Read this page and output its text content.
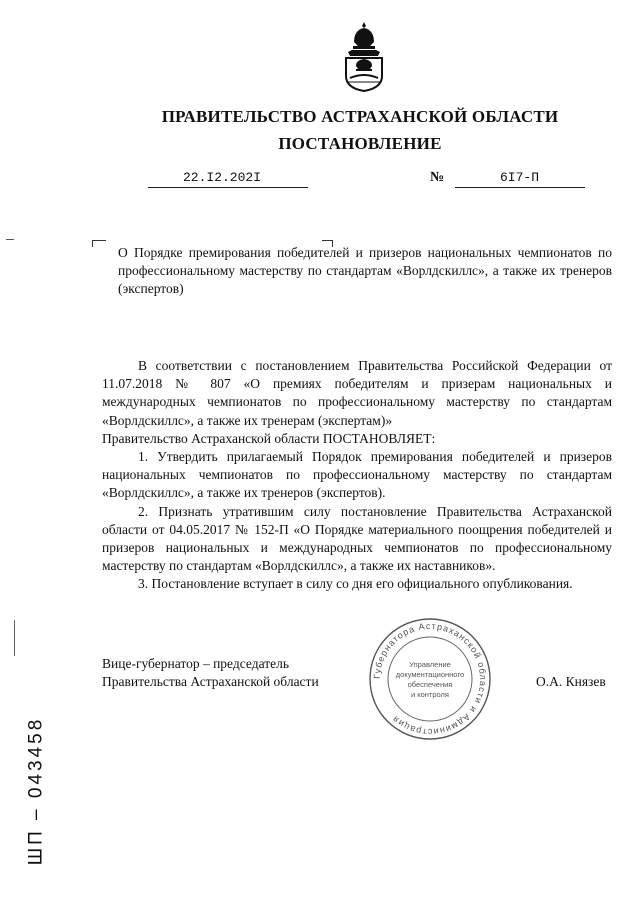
ПРАВИТЕЛЬСТВО АСТРАХАНСКОЙ ОБЛАСТИ
ПОСТАНОВЛЕНИЕ
22.I2.202I	№	6I7-П
О Порядке премирования победителей и призеров национальных чемпионатов по профессиональному мастерству по стандартам «Ворлдскиллс», а также их тренеров (экспертов)

В соответствии с постановлением Правительства Российской Федерации от 11.07.2018 № 807 «О премиях победителям и призерам национальных и международных чемпионатов по профессиональному мастерству по стандартам «Ворлдскиллс», а также их тренерам (экспертам)»

Правительство Астраханской области ПОСТАНОВЛЯЕТ:

1. Утвердить прилагаемый Порядок премирования победителей и призеров национальных чемпионатов по профессиональному мастерству по стандартам «Ворлдскиллс», а также их тренеров (экспертов).

2. Признать утратившим силу постановление Правительства Астраханской области от 04.05.2017 № 152-П «О Порядке материального поощрения победителей и призеров национальных и международных чемпионатов по профессиональному мастерству по стандартам «Ворлдскиллс», а также их наставников».

3. Постановление вступает в силу со дня его официального опубликования.

Вице-губернатор – председатель
Правительства Астраханской области	Губернатора Астраханской области и Администрация
Управление
документационного
обеспечения
и контроля
О.А. Князев
ШП – 043458
